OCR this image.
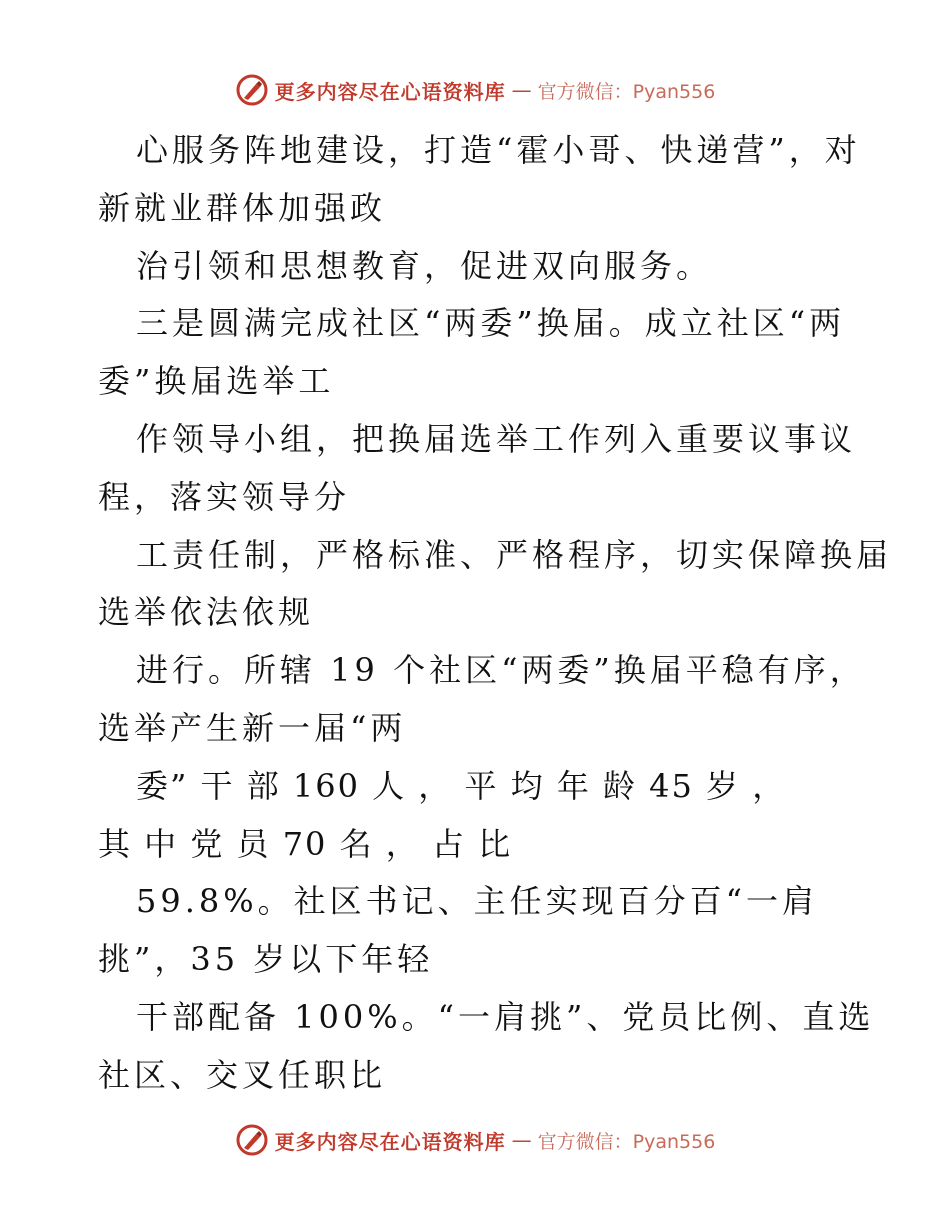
更多内容尽在心语资料库 — 官方微信：Pyan556
心服务阵地建设，打造“霍小哥、快递营”，对
新就业群体加强政
治引领和思想教育，促进双向服务。
三是圆满完成社区“两委”换届。成立社区“两
委”换届选举工
作领导小组，把换届选举工作列入重要议事议
程，落实领导分
工责任制，严格标准、严格程序，切实保障换届
选举依法依规
进行。所辖 19 个社区“两委”换届平稳有序，
选举产生新一届“两
委” 干 部 160 人 ， 平 均 年 龄 45 岁 ，
其 中 党 员 70 名 ， 占 比
59.8%。社区书记、主任实现百分百“一肩
挑”，35 岁以下年轻
干部配备 100%。“一肩挑”、党员比例、直选
社区、交叉任职比
更多内容尽在心语资料库 — 官方微信：Pyan556
